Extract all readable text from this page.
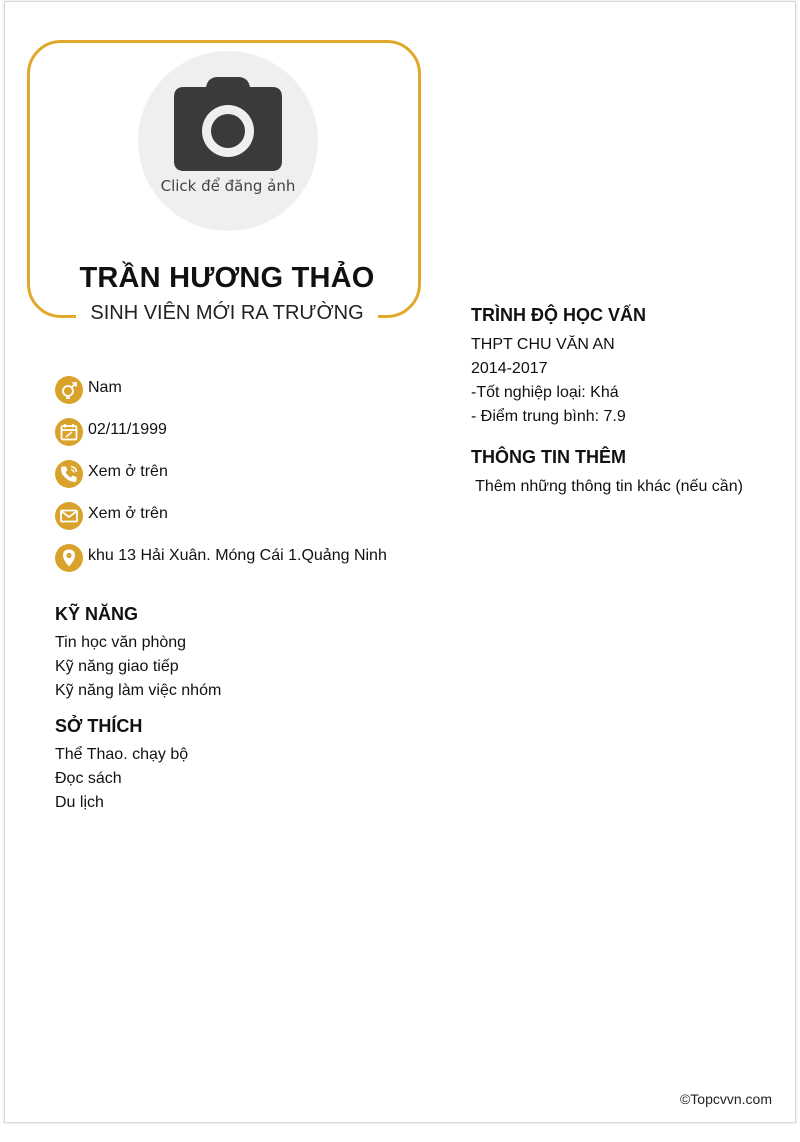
Click để đăng ảnh
TRẦN HƯƠNG THẢO
SINH VIÊN MỚI RA TRƯỜNG
Nam
02/11/1999
Xem ở trên
Xem ở trên
khu 13 Hải Xuân. Móng Cái 1.Quảng Ninh
KỸ NĂNG
Tin học văn phòng
Kỹ năng giao tiếp
Kỹ năng làm việc nhóm
SỞ THÍCH
Thể Thao. chạy bộ
Đọc sách
Du lịch
TRÌNH ĐỘ HỌC VẤN
THPT CHU VĂN AN
2014-2017
-Tốt nghiệp loại: Khá
- Điểm trung bình: 7.9
THÔNG TIN THÊM
Thêm những thông tin khác (nếu cần)
©Topcvvn.com
